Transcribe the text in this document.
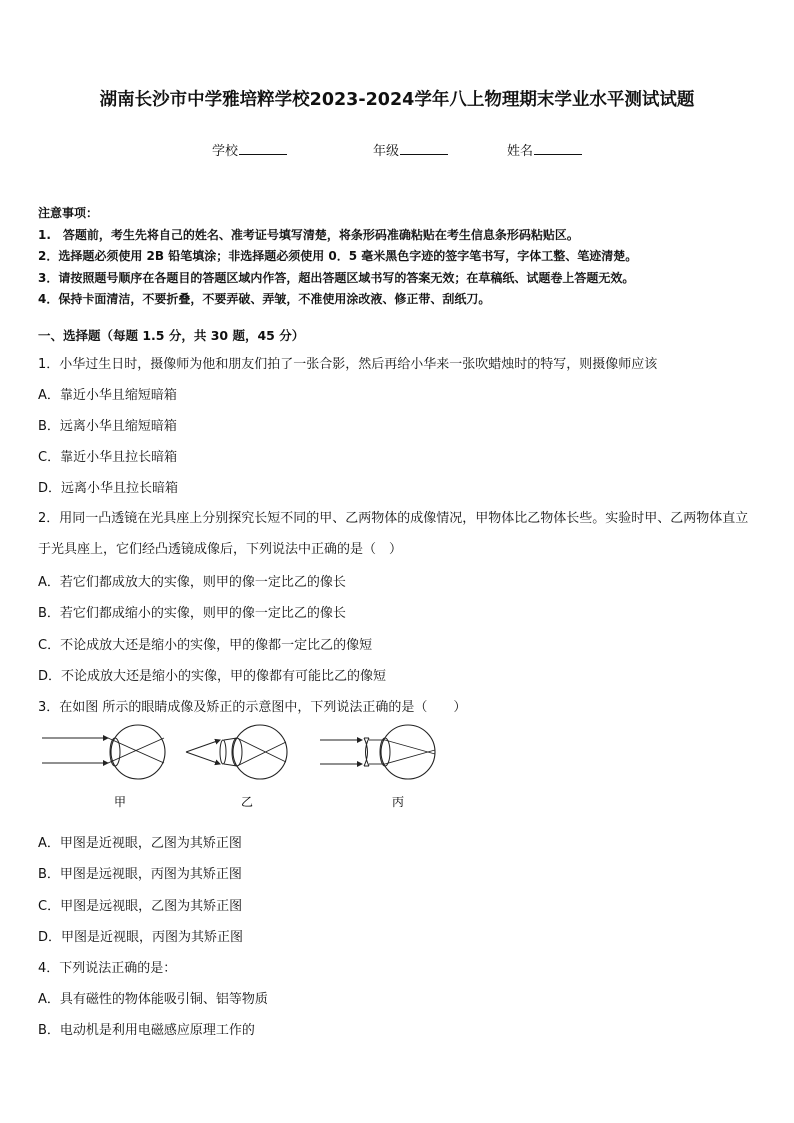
湖南长沙市中学雅培粹学校2023-2024学年八上物理期末学业水平测试试题
学校	年级	姓名
注意事项：
1.　答题前，考生先将自己的姓名、准考证号填写清楚，将条形码准确粘贴在考生信息条形码粘贴区。
2．选择题必须使用 2B 铅笔填涂；非选择题必须使用 0．5 毫米黑色字迹的签字笔书写，字体工整、笔迹清楚。
3．请按照题号顺序在各题目的答题区域内作答，超出答题区域书写的答案无效；在草稿纸、试题卷上答题无效。
4．保持卡面清洁，不要折叠，不要弄破、弄皱，不准使用涂改液、修正带、刮纸刀。
一、选择题（每题 1.5 分，共 30 题，45 分）
1．小华过生日时，摄像师为他和朋友们拍了一张合影，然后再给小华来一张吹蜡烛时的特写，则摄像师应该
A．靠近小华且缩短暗箱
B．远离小华且缩短暗箱
C．靠近小华且拉长暗箱
D．远离小华且拉长暗箱
2．用同一凸透镜在光具座上分别探究长短不同的甲、乙两物体的成像情况，甲物体比乙物体长些。实验时甲、乙两物体直立于光具座上，它们经凸透镜成像后，下列说法中正确的是（　）
A．若它们都成放大的实像，则甲的像一定比乙的像长
B．若它们都成缩小的实像，则甲的像一定比乙的像长
C．不论成放大还是缩小的实像，甲的像都一定比乙的像短
D．不论成放大还是缩小的实像，甲的像都有可能比乙的像短
3．在如图 所示的眼睛成像及矫正的示意图中，下列说法正确的是（　　）
甲	乙	丙
A．甲图是近视眼，乙图为其矫正图
B．甲图是远视眼，丙图为其矫正图
C．甲图是远视眼，乙图为其矫正图
D．甲图是近视眼，丙图为其矫正图
4．下列说法正确的是：
A．具有磁性的物体能吸引铜、铝等物质
B．电动机是利用电磁感应原理工作的
